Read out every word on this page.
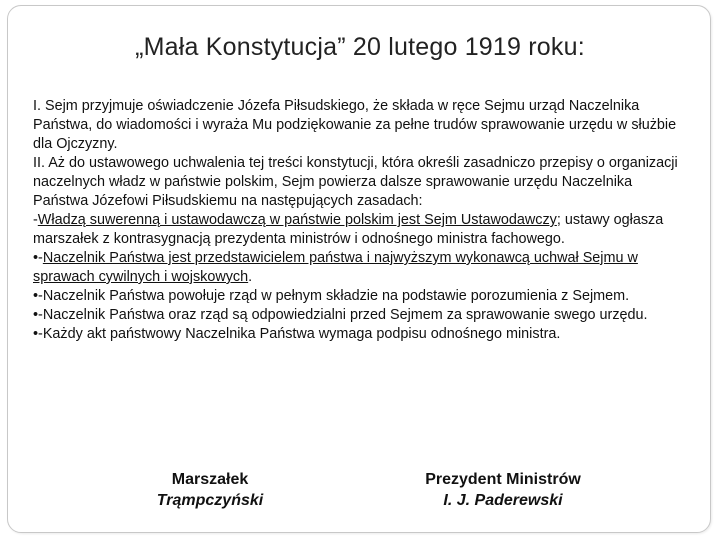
„Mała Konstytucja” 20 lutego 1919 roku:

I. Sejm przyjmuje oświadczenie Józefa Piłsudskiego, że składa w ręce Sejmu urząd Naczelnika Państwa, do wiadomości i wyraża Mu podziękowanie za pełne trudów sprawowanie urzędu w służbie dla Ojczyzny.

II. Aż do ustawowego uchwalenia tej treści konstytucji, która określi zasadniczo przepisy o organizacji naczelnych władz w państwie polskim, Sejm powierza dalsze sprawowanie urzędu Naczelnika Państwa Józefowi Piłsudskiemu na następujących zasadach:

-Władzą suwerenną i ustawodawczą w państwie polskim jest Sejm Ustawodawczy; ustawy ogłasza marszałek z kontrasygnacją prezydenta ministrów i odnośnego ministra fachowego.

•-Naczelnik Państwa jest przedstawicielem państwa i najwyższym wykonawcą uchwał Sejmu w sprawach cywilnych i wojskowych.

•-Naczelnik Państwa powołuje rząd w pełnym składzie na podstawie porozumienia z Sejmem.

•-Naczelnik Państwa oraz rząd są odpowiedzialni przed Sejmem za sprawowanie swego urzędu.

•-Każdy akt państwowy Naczelnika Państwa wymaga podpisu odnośnego ministra.

Marszałek
Trąmpczyński
Prezydent Ministrów
I. J. Paderewski
